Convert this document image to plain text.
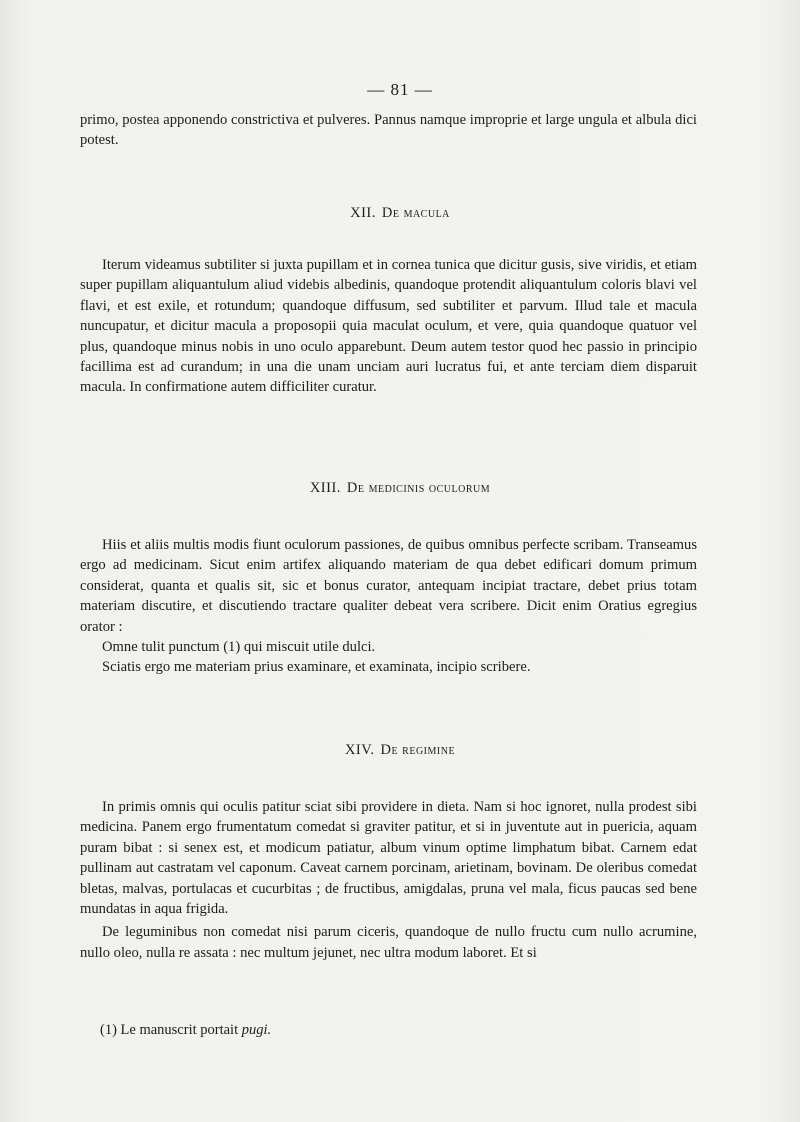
— 81 —

primo, postea apponendo constrictiva et pulveres. Pannus namque improprie et large ungula et albula dici potest.

XII. De macula

Iterum videamus subtiliter si juxta pupillam et in cornea tunica que dicitur gusis, sive viridis, et etiam super pupillam aliquantulum aliud videbis albedinis, quandoque protendit aliquantulum coloris blavi vel flavi, et est exile, et rotundum; quandoque diffusum, sed subtiliter et parvum. Illud tale et macula nuncupatur, et dicitur macula a proposopii quia maculat oculum, et vere, quia quandoque quatuor vel plus, quandoque minus nobis in uno oculo apparebunt. Deum autem testor quod hec passio in principio facillima est ad curandum; in una die unam unciam auri lucratus fui, et ante terciam diem disparuit macula. In confirmatione autem difficiliter curatur.

XIII. De medicinis oculorum

Hiis et aliis multis modis fiunt oculorum passiones, de quibus omnibus perfecte scribam. Transeamus ergo ad medicinam. Sicut enim artifex aliquando materiam de qua debet edificari domum primum considerat, quanta et qualis sit, sic et bonus curator, antequam incipiat tractare, debet prius totam materiam discutire, et discutiendo tractare qualiter debeat vera scribere. Dicit enim Oratius egregius orator :

Omne tulit punctum (1) qui miscuit utile dulci.
Sciatis ergo me materiam prius examinare, et examinata, incipio scribere.
XIV. De regimine

In primis omnis qui oculis patitur sciat sibi providere in dieta. Nam si hoc ignoret, nulla prodest sibi medicina. Panem ergo frumentatum comedat si graviter patitur, et si in juventute aut in puericia, aquam puram bibat : si senex est, et modicum patiatur, album vinum optime limphatum bibat. Carnem edat pullinam aut castratam vel caponum. Caveat carnem porcinam, arietinam, bovinam. De oleribus comedat bletas, malvas, portulacas et cucurbitas ; de fructibus, amigdalas, pruna vel mala, ficus paucas sed bene mundatas in aqua frigida.

De leguminibus non comedat nisi parum ciceris, quandoque de nullo fructu cum nullo acrumine, nullo oleo, nulla re assata : nec multum jejunet, nec ultra modum laboret. Et si

(1) Le manuscrit portait pugi.
